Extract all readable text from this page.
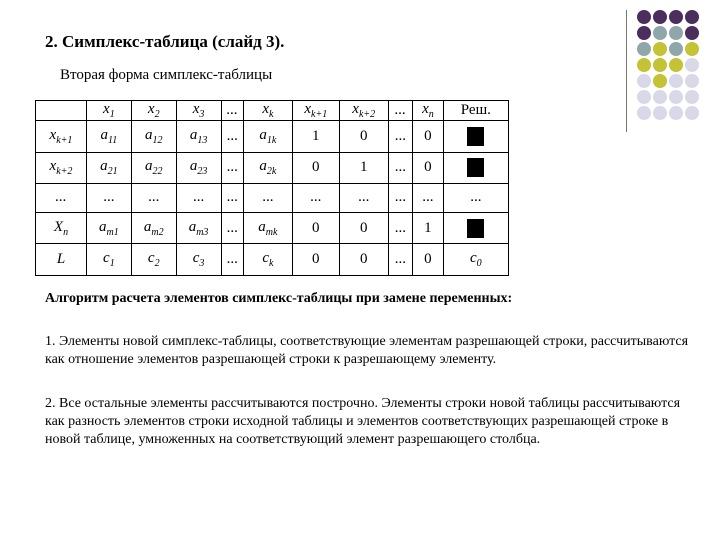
2. Симплекс-таблица (слайд 3).
Вторая форма симплекс-таблицы
	$x_1$	$x_2$	$x_3$	...	$x_k$	$x_{k+1}$	$x_{k+2}$	...	$x_n$	Реш.
$x_{k+1}$	$a_{11}$	$a_{12}$	$a_{13}$	...	$a_{1k}$	1	0	...	0	
$x_{k+2}$	$a_{21}$	$a_{22}$	$a_{23}$	...	$a_{2k}$	0	1	...	0	
...	...	...	...	...	...	...	...	...	...	...
$X_n$	$a_{m1}$	$a_{m2}$	$a_{m3}$	...	$a_{mk}$	0	0	...	1	
L	$c_1$	$c_2$	$c_3$	...	$c_k$	0	0	...	0	$c_0$
Алгоритм расчета элементов симплекс-таблицы при замене переменных:
1. Элементы новой симплекс-таблицы, соответствующие элементам разрешающей строки, рассчитываются как отношение элементов разрешающей строки к разрешающему элементу.
2. Все остальные элементы рассчитываются построчно. Элементы строки новой таблицы рассчитываются как разность элементов строки исходной таблицы и элементов соответствующих разрешающей строке в новой таблице, умноженных на соответствующий элемент разрешающего столбца.
